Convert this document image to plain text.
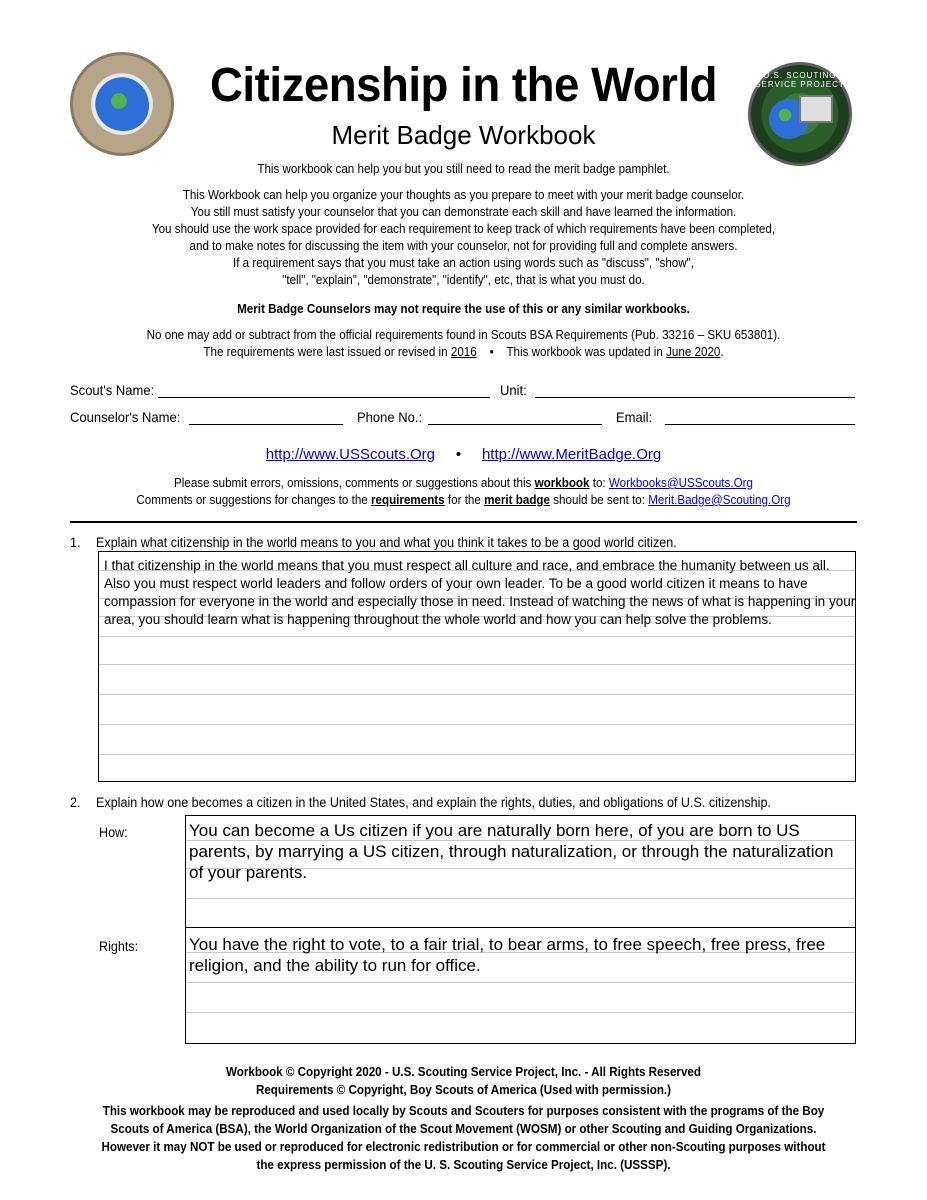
U.S. SCOUTING SERVICE PROJECT
Citizenship in the World
Merit Badge Workbook
This workbook can help you but you still need to read the merit badge pamphlet.
This Workbook can help you organize your thoughts as you prepare to meet with your merit badge counselor.
You still must satisfy your counselor that you can demonstrate each skill and have learned the information.
You should use the work space provided for each requirement to keep track of which requirements have been completed,
and to make notes for discussing the item with your counselor, not for providing full and complete answers.
If a requirement says that you must take an action using words such as "discuss", "show",
"tell", "explain", "demonstrate", "identify", etc, that is what you must do.
Merit Badge Counselors may not require the use of this or any similar workbooks.
No one may add or subtract from the official requirements found in Scouts BSA Requirements (Pub. 33216 – SKU 653801).
The requirements were last issued or revised in 2016 • This workbook was updated in June 2020.
Scout's Name:	Unit:
Counselor's Name:	Phone No.:	Email:
http://www.USScouts.Org • http://www.MeritBadge.Org
Please submit errors, omissions, comments or suggestions about this workbook to: Workbooks@USScouts.Org
Comments or suggestions for changes to the requirements for the merit badge should be sent to: Merit.Badge@Scouting.Org
1. Explain what citizenship in the world means to you and what you think it takes to be a good world citizen.
I that citizenship in the world means that you must respect all culture and race, and embrace the humanity between us all. Also you must respect world leaders and follow orders of your own leader. To be a good world citizen it means to have compassion for everyone in the world and especially those in need. Instead of watching the news of what is happening in your area, you should learn what is happening throughout the whole world and how you can help solve the problems.
2. Explain how one becomes a citizen in the United States, and explain the rights, duties, and obligations of U.S. citizenship.
How:	You can become a Us citizen if you are naturally born here, of you are born to US parents, by marrying a US citizen, through naturalization, or through the naturalization of your parents.
Rights:	You have the right to vote, to a fair trial, to bear arms, to free speech, free press, free religion, and the ability to run for office.
Workbook © Copyright 2020 - U.S. Scouting Service Project, Inc. - All Rights Reserved
Requirements © Copyright, Boy Scouts of America (Used with permission.)
This workbook may be reproduced and used locally by Scouts and Scouters for purposes consistent with the programs of the Boy
Scouts of America (BSA), the World Organization of the Scout Movement (WOSM) or other Scouting and Guiding Organizations.
However it may NOT be used or reproduced for electronic redistribution or for commercial or other non-Scouting purposes without
the express permission of the U. S. Scouting Service Project, Inc. (USSSP).
